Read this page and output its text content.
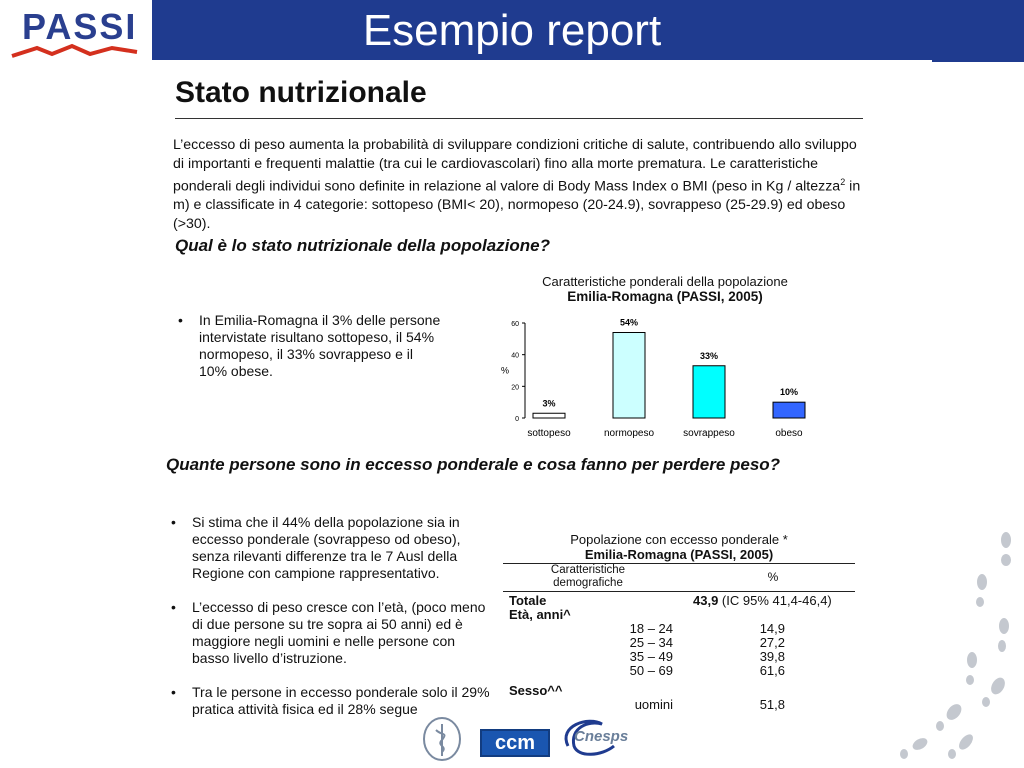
PASSI	Esempio report
Stato nutrizionale
L’eccesso di peso aumenta la probabilità di sviluppare condizioni critiche di salute, contribuendo allo sviluppo di importanti e frequenti malattie (tra cui le cardiovascolari) fino alla morte prematura. Le caratteristiche ponderali degli individui sono definite in relazione al valore di Body Mass Index o BMI (peso in Kg / altezza$^2$ in m) e classificate in 4 categorie: sottopeso (BMI< 20), normopeso (20-24.9), sovrappeso (25-29.9) ed obeso (>30).
Qual è lo stato nutrizionale della popolazione?
• In Emilia-Romagna il 3% delle persone intervistate risultano sottopeso, il 54% normopeso, il 33% sovrappeso e il 10% obese.
Caratteristiche ponderali della popolazione
Emilia-Romagna (PASSI, 2005)
0
20
40
60
%
3%
sottopeso
54%
normopeso
33%
sovrappeso
10%
obeso
Quante persone sono in eccesso ponderale e cosa fanno per perdere peso?
• Si stima che il 44% della popolazione sia in eccesso ponderale (sovrappeso od obeso), senza rilevanti differenze tra le 7 Ausl della Regione con campione rappresentativo.
• L’eccesso di peso cresce con l’età, (poco meno di due persone su tre sopra ai 50 anni) ed è maggiore negli uomini e nelle persone con basso livello d’istruzione.
• Tra le persone in eccesso ponderale solo il 29% pratica attività fisica ed il 28% segue
Popolazione con eccesso ponderale *
Emilia-Romagna (PASSI, 2005)
Caratteristiche demografiche	%
Totale	43,9 (IC 95% 41,4-46,4)
Età, anni^
18 – 24	14,9
25 – 34	27,2
35 – 49	39,8
50 – 69	61,6
Sesso^^
uomini	51,8
ccm	Cnesps
